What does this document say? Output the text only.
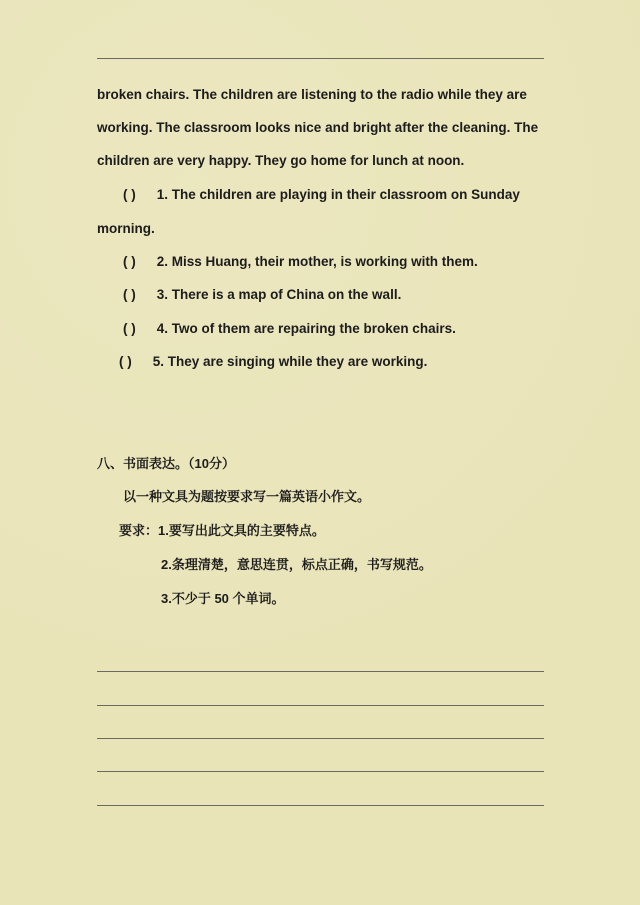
broken chairs. The children are listening to the radio while they are
working. The classroom looks nice and bright after the cleaning. The
children are very happy. They go home for lunch at noon.
( ) 1. The children are playing in their classroom on Sunday
morning.
( ) 2. Miss Huang, their mother, is working with them.
( ) 3. There is a map of China on the wall.
( ) 4. Two of them are repairing the broken chairs.
( ) 5. They are singing while they are working.
八、书面表达。（10分）
以一种文具为题按要求写一篇英语小作文。
要求：1.要写出此文具的主要特点。
2.条理清楚，意思连贯，标点正确，书写规范。
3.不少于 50 个单词。
